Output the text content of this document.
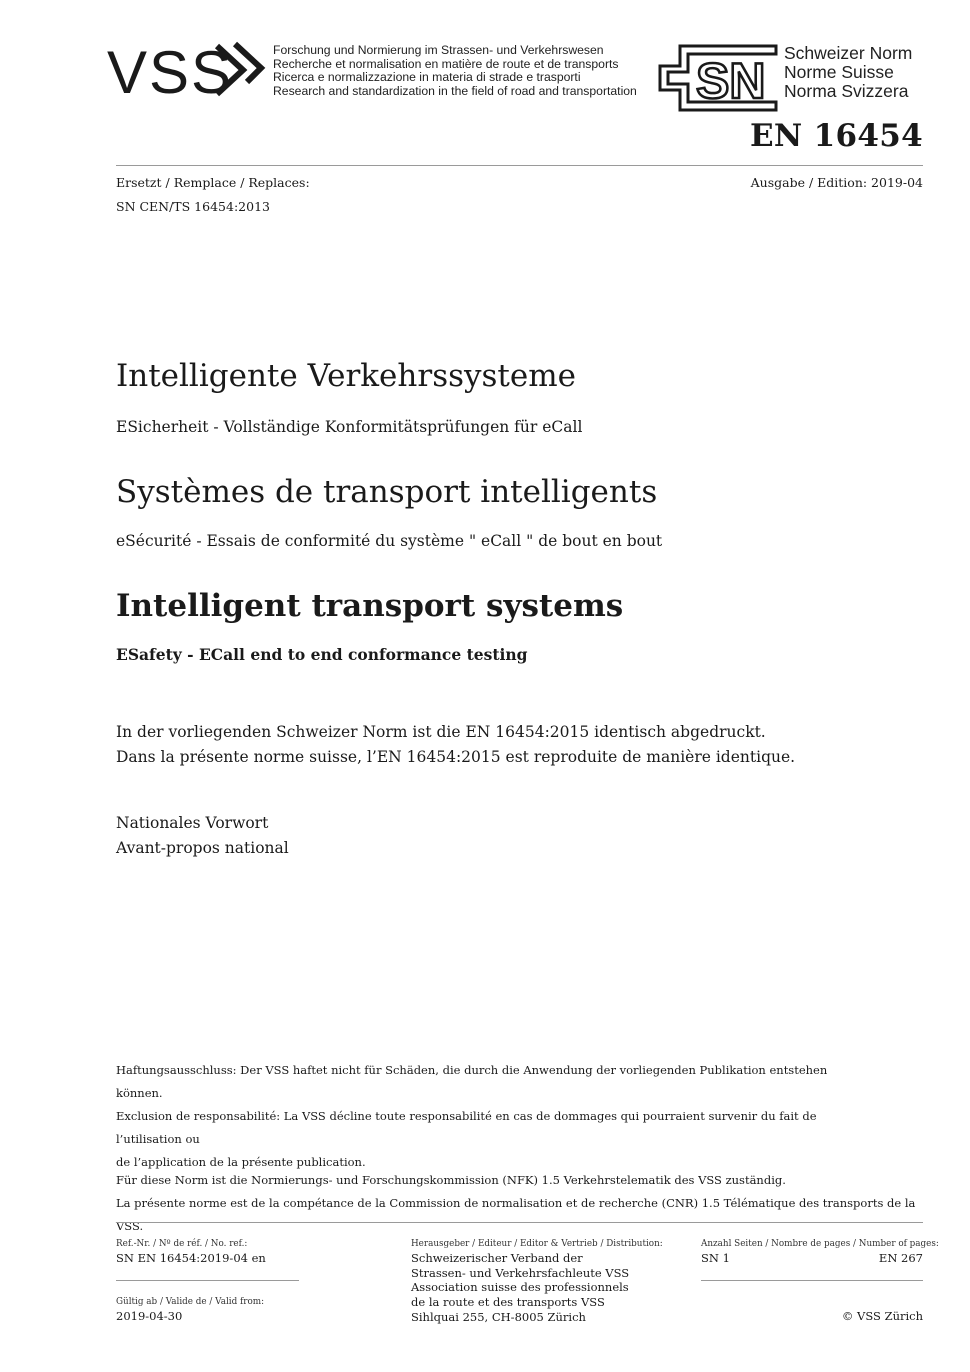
VSS	Forschung und Normierung im Strassen- und Verkehrswesen
Recherche et normalisation en matière de route et de transports
Ricerca e normalizzazione in materia di strade e trasporti
Research and standardization in the field of road and transportation SN Schweizer Norm
Norme Suisse
Norma Svizzera
EN 16454
Ersetzt / Remplace / Replaces:
SN CEN/TS 16454:2013
Ausgabe / Edition: 2019-04
Intelligente Verkehrssysteme
ESicherheit - Vollständige Konformitätsprüfungen für eCall
Systèmes de transport intelligents
eSécurité - Essais de conformité du système " eCall " de bout en bout
Intelligent transport systems
ESafety - ECall end to end conformance testing
In der vorliegenden Schweizer Norm ist die EN 16454:2015 identisch abgedruckt.
Dans la présente norme suisse, l’EN 16454:2015 est reproduite de manière identique.
Nationales Vorwort
Avant-propos national
Haftungsausschluss: Der VSS haftet nicht für Schäden, die durch die Anwendung der vorliegenden Publikation entstehen können.
Exclusion de responsabilité: La VSS décline toute responsabilité en cas de dommages qui pourraient survenir du fait de l’utilisation ou
de l’application de la présente publication.
Für diese Norm ist die Normierungs- und Forschungskommission (NFK) 1.5 Verkehrstelematik des VSS zuständig.
La présente norme est de la compétance de la Commission de normalisation et de recherche (CNR) 1.5 Télématique des transports de la VSS.
Ref.-Nr. / Nº de réf. / No. ref.:
SN EN 16454:2019-04 en
Gültig ab / Valide de / Valid from:
2019-04-30
Herausgeber / Editeur / Editor & Vertrieb / Distribution:
Schweizerischer Verband der
Strassen- und Verkehrsfachleute VSS
Association suisse des professionnels
de la route et des transports VSS
Sihlquai 255, CH-8005 Zürich
Anzahl Seiten / Nombre de pages / Number of pages:
SN 1	EN 267
© VSS Zürich
